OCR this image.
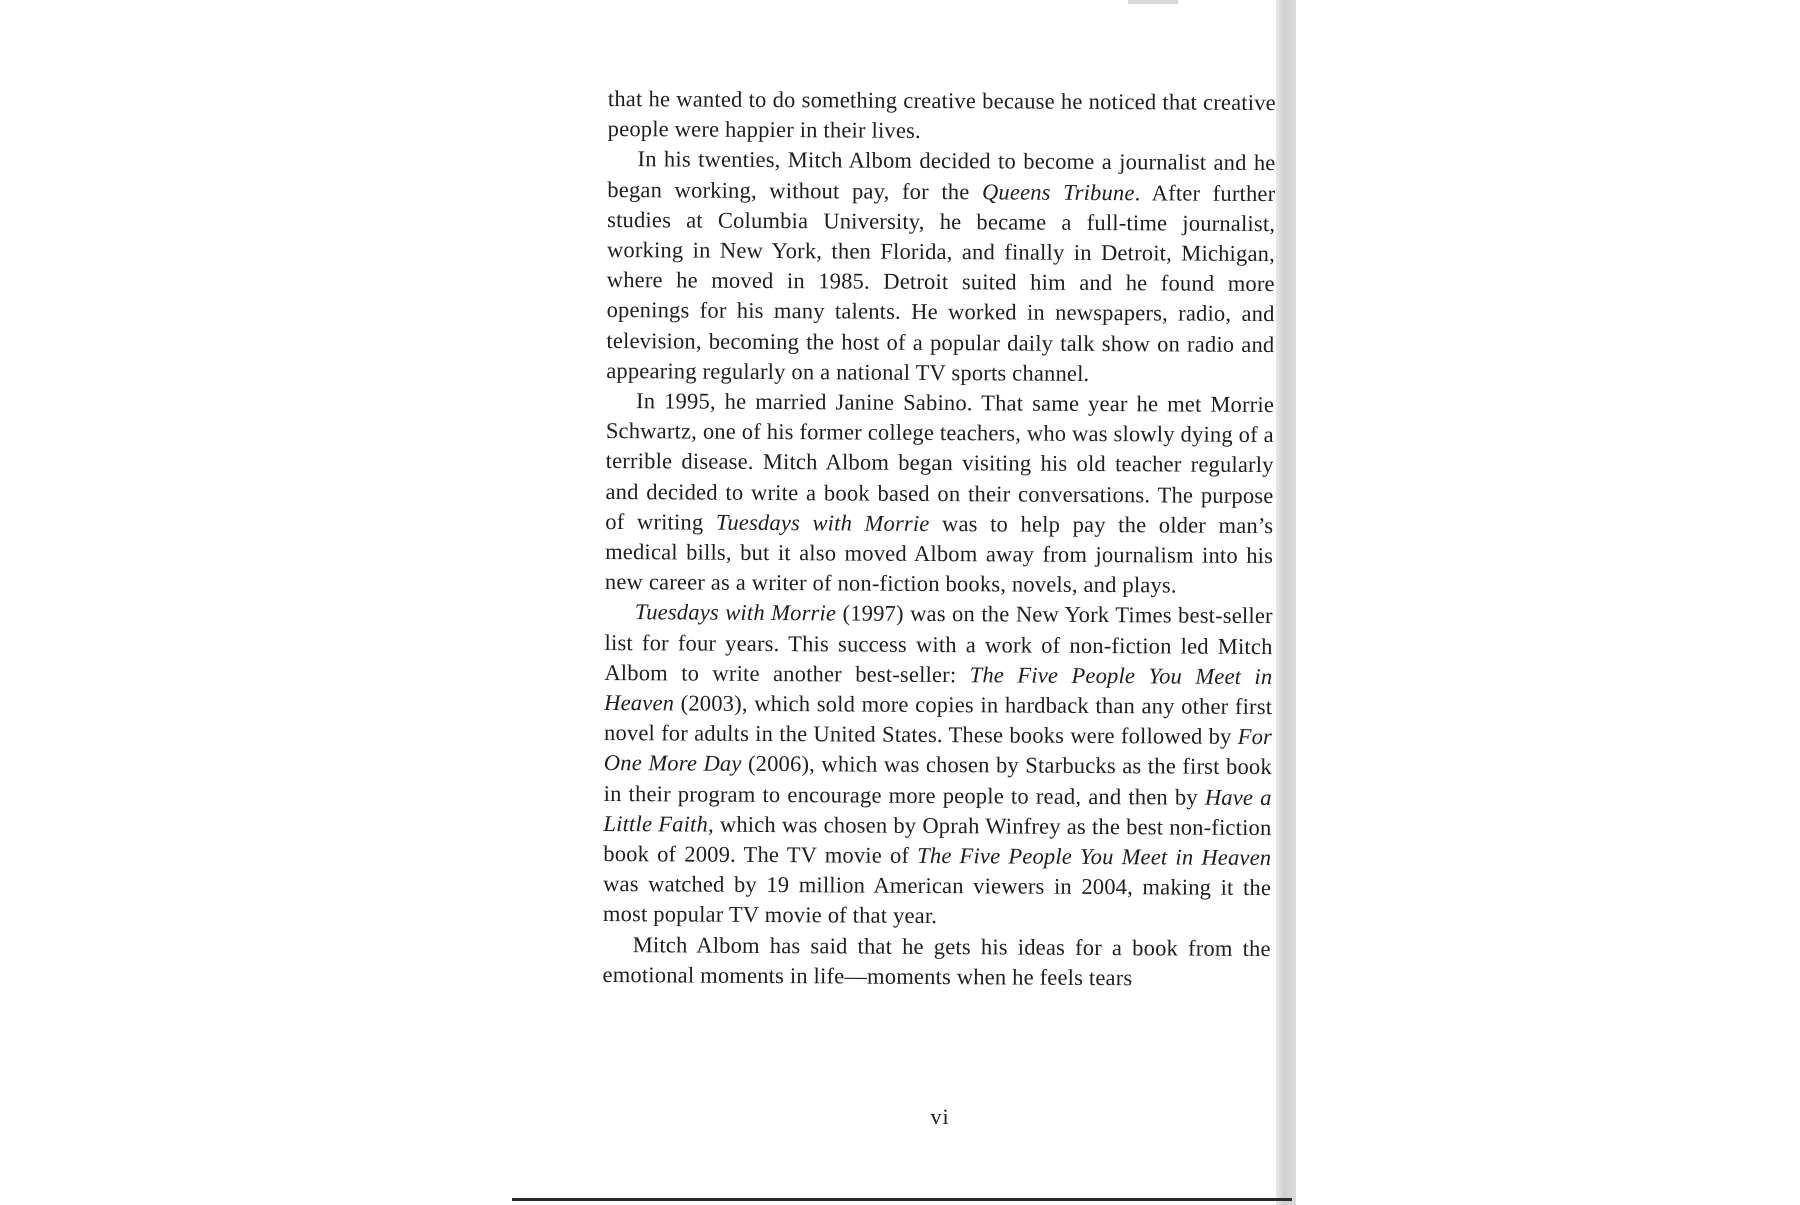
that he wanted to do something creative because he noticed that creative people were happier in their lives.

In his twenties, Mitch Albom decided to become a journalist and he began working, without pay, for the Queens Tribune. After further studies at Columbia University, he became a full-time journalist, working in New York, then Florida, and finally in Detroit, Michigan, where he moved in 1985. Detroit suited him and he found more openings for his many talents. He worked in newspapers, radio, and television, becoming the host of a popular daily talk show on radio and appearing regularly on a national TV sports channel.

In 1995, he married Janine Sabino. That same year he met Morrie Schwartz, one of his former college teachers, who was slowly dying of a terrible disease. Mitch Albom began visiting his old teacher regularly and decided to write a book based on their conversations. The purpose of writing Tuesdays with Morrie was to help pay the older man’s medical bills, but it also moved Albom away from journalism into his new career as a writer of non-fiction books, novels, and plays.

Tuesdays with Morrie (1997) was on the New York Times best-seller list for four years. This success with a work of non-fiction led Mitch Albom to write another best-seller: The Five People You Meet in Heaven (2003), which sold more copies in hardback than any other first novel for adults in the United States. These books were followed by For One More Day (2006), which was chosen by Starbucks as the first book in their program to encourage more people to read, and then by Have a Little Faith, which was chosen by Oprah Winfrey as the best non-fiction book of 2009. The TV movie of The Five People You Meet in Heaven was watched by 19 million American viewers in 2004, making it the most popular TV movie of that year.

Mitch Albom has said that he gets his ideas for a book from the emotional moments in life—moments when he feels tears

vi
